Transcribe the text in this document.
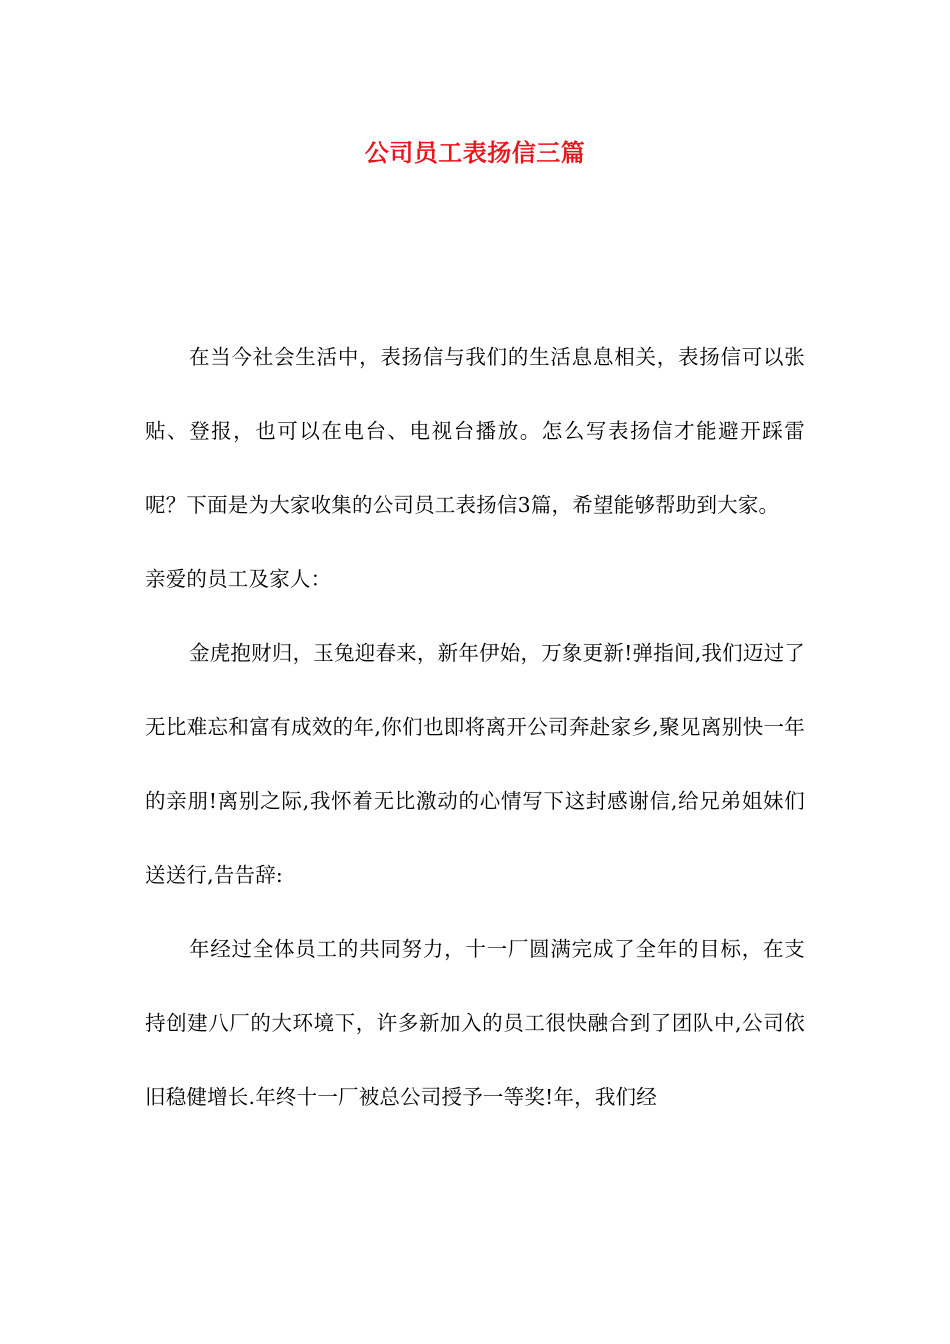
公司员工表扬信三篇

在当今社会生活中，表扬信与我们的生活息息相关，表扬信可以张贴、登报，也可以在电台、电视台播放。怎么写表扬信才能避开踩雷呢？下面是为大家收集的公司员工表扬信3篇，希望能够帮助到大家。

亲爱的员工及家人：

金虎抱财归，玉兔迎春来，新年伊始，万象更新!弹指间,我们迈过了无比难忘和富有成效的年,你们也即将离开公司奔赴家乡,聚见离别快一年的亲朋!离别之际,我怀着无比激动的心情写下这封感谢信,给兄弟姐妹们送送行,告告辞:

年经过全体员工的共同努力，十一厂圆满完成了全年的目标，在支持创建八厂的大环境下，许多新加入的员工很快融合到了团队中,公司依旧稳健增长.年终十一厂被总公司授予一等奖!年，我们经
